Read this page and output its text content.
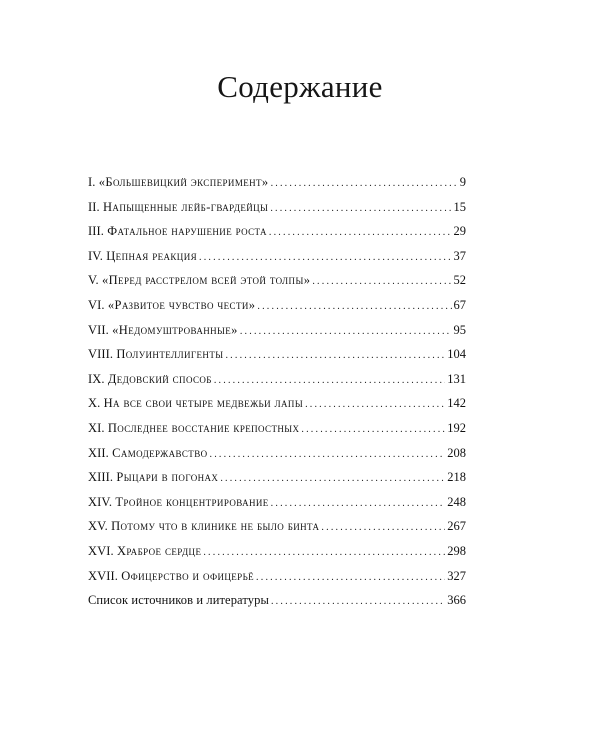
Содержание
I. «Большевицкий эксперимент» .....	9
II. Напыщенные лейб-гвардейцы .....	15
III. Фатальное нарушение роста .....	29
IV. Цепная реакция .....	37
V. «Перед расстрелом всей этой толпы» .....	52
VI. «Развитое чувство чести» .....	67
VII. «Недомуштрованные» .....	95
VIII. Полуинтеллигенты .....	104
IX. Дедовский способ .....	131
X. На все свои четыре медвежьи лапы .....	142
XI. Последнее восстание крепостных .....	192
XII. Самодержавство .....	208
XIII. Рыцари в погонах .....	218
XIV. Тройное концентрирование .....	248
XV. Потому что в клинике не было бинта .....	267
XVI. Храброе сердце .....	298
XVII. Офицерство и офицерьё .....	327
Список источников и литературы .....	366
